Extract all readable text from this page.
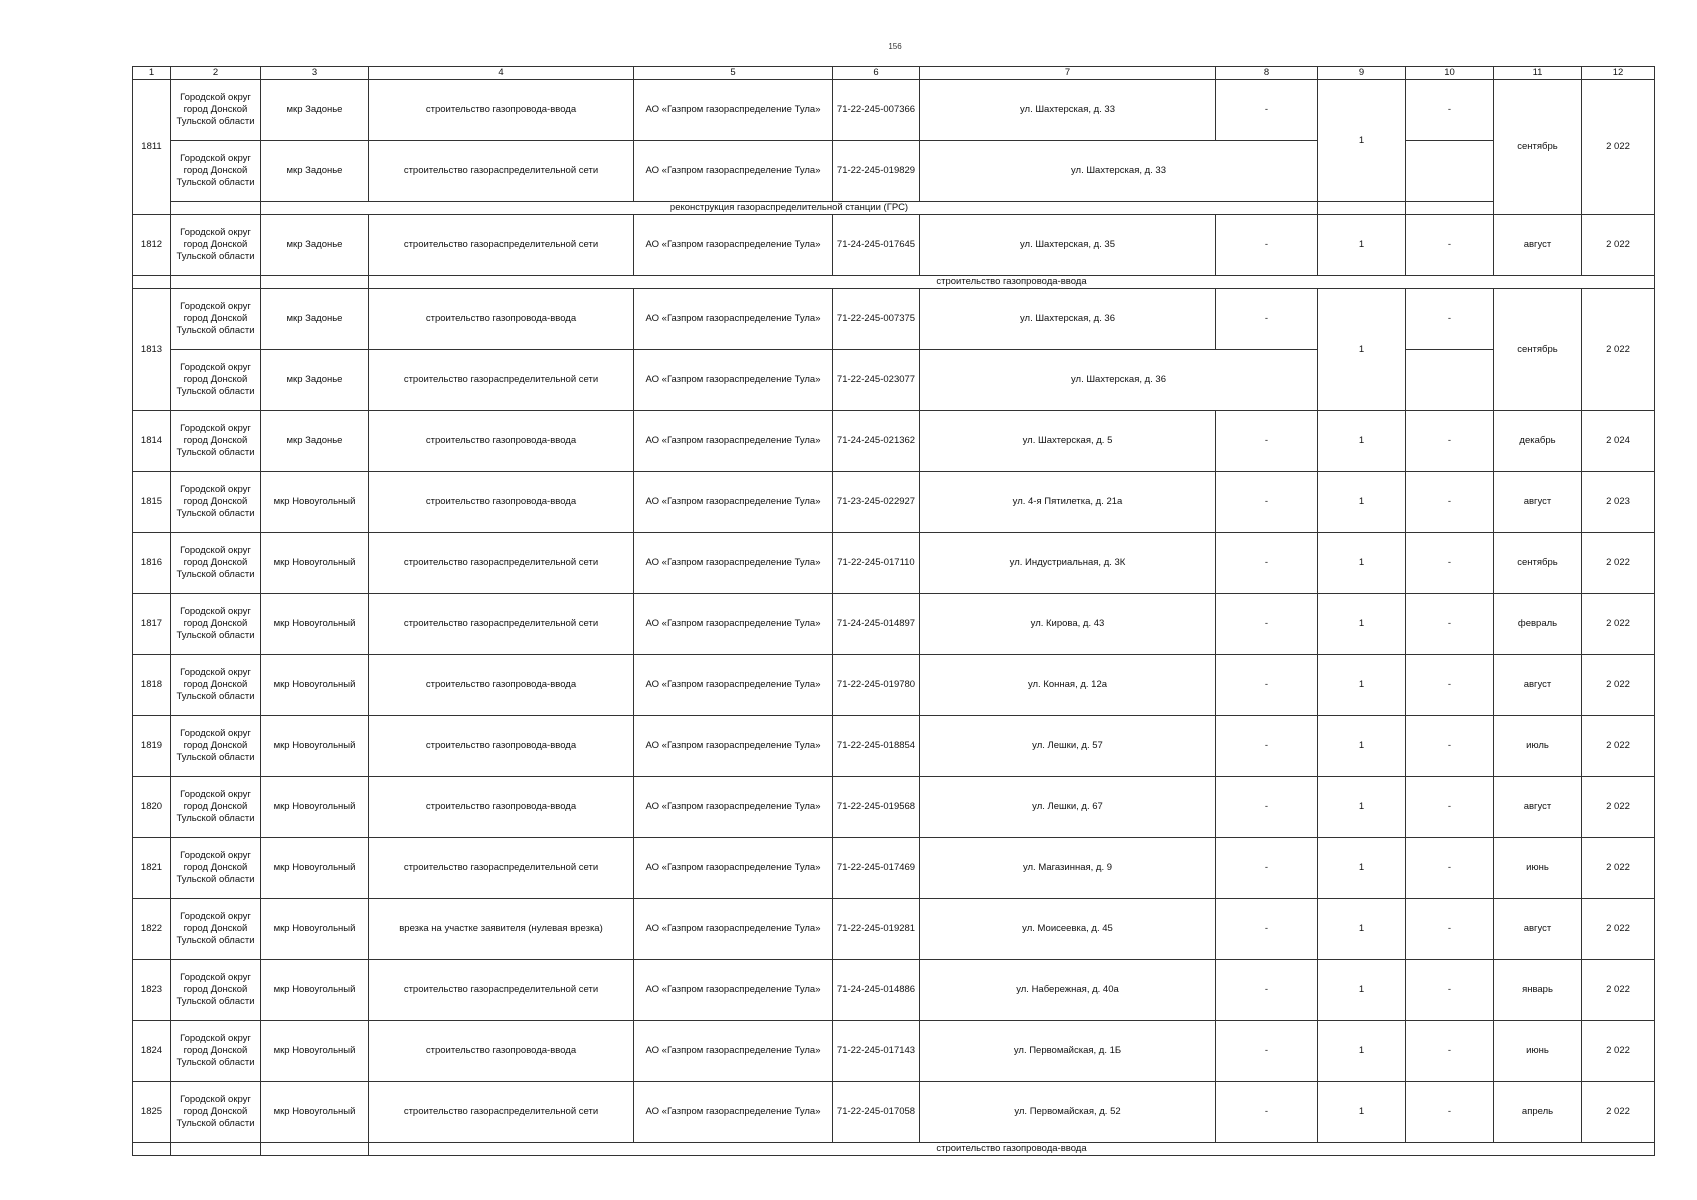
156
1	2	3	4	5	6	7	8	9	10	11	12
1811	Городской округ город Донской Тульской области	мкр Задонье	строительство газопровода-ввода	АО «Газпром газораспределение Тула»	71-22-245-007366	ул. Шахтерская, д. 33	-	1	-	сентябрь	2 022
	Городской округ город Донской Тульской области	мкр Задонье	строительство газораспределительной сети	АО «Газпром газораспределение Тула»	71-22-245-019829	ул. Шахтерская, д. 33					
		реконструкция газораспределительной станции (ГРС)									
1812	Городской округ город Донской Тульской области	мкр Задонье	строительство газораспределительной сети	АО «Газпром газораспределение Тула»	71-24-245-017645	ул. Шахтерская, д. 35	-	1	-	август	2 022
			строительство газопровода-ввода								
1813	Городской округ город Донской Тульской области	мкр Задонье	строительство газопровода-ввода	АО «Газпром газораспределение Тула»	71-22-245-007375	ул. Шахтерская, д. 36	-	1	-	сентябрь	2 022
	Городской округ город Донской Тульской области	мкр Задонье	строительство газораспределительной сети	АО «Газпром газораспределение Тула»	71-22-245-023077	ул. Шахтерская, д. 36					
1814	Городской округ город Донской Тульской области	мкр Задонье	строительство газопровода-ввода	АО «Газпром газораспределение Тула»	71-24-245-021362	ул. Шахтерская, д. 5	-	1	-	декабрь	2 024
1815	Городской округ город Донской Тульской области	мкр Новоугольный	строительство газопровода-ввода	АО «Газпром газораспределение Тула»	71-23-245-022927	ул. 4-я Пятилетка, д. 21а	-	1	-	август	2 023
1816	Городской округ город Донской Тульской области	мкр Новоугольный	строительство газораспределительной сети	АО «Газпром газораспределение Тула»	71-22-245-017110	ул. Индустриальная, д. 3К	-	1	-	сентябрь	2 022
1817	Городской округ город Донской Тульской области	мкр Новоугольный	строительство газораспределительной сети	АО «Газпром газораспределение Тула»	71-24-245-014897	ул. Кирова, д. 43	-	1	-	февраль	2 022
1818	Городской округ город Донской Тульской области	мкр Новоугольный	строительство газопровода-ввода	АО «Газпром газораспределение Тула»	71-22-245-019780	ул. Конная, д. 12а	-	1	-	август	2 022
1819	Городской округ город Донской Тульской области	мкр Новоугольный	строительство газопровода-ввода	АО «Газпром газораспределение Тула»	71-22-245-018854	ул. Лешки, д. 57	-	1	-	июль	2 022
1820	Городской округ город Донской Тульской области	мкр Новоугольный	строительство газопровода-ввода	АО «Газпром газораспределение Тула»	71-22-245-019568	ул. Лешки, д. 67	-	1	-	август	2 022
1821	Городской округ город Донской Тульской области	мкр Новоугольный	строительство газораспределительной сети	АО «Газпром газораспределение Тула»	71-22-245-017469	ул. Магазинная, д. 9	-	1	-	июнь	2 022
1822	Городской округ город Донской Тульской области	мкр Новоугольный	врезка на участке заявителя (нулевая врезка)	АО «Газпром газораспределение Тула»	71-22-245-019281	ул. Моисеевка, д. 45	-	1	-	август	2 022
1823	Городской округ город Донской Тульской области	мкр Новоугольный	строительство газораспределительной сети	АО «Газпром газораспределение Тула»	71-24-245-014886	ул. Набережная, д. 40а	-	1	-	январь	2 022
1824	Городской округ город Донской Тульской области	мкр Новоугольный	строительство газопровода-ввода	АО «Газпром газораспределение Тула»	71-22-245-017143	ул. Первомайская, д. 1Б	-	1	-	июнь	2 022
1825	Городской округ город Донской Тульской области	мкр Новоугольный	строительство газораспределительной сети	АО «Газпром газораспределение Тула»	71-22-245-017058	ул. Первомайская, д. 52	-	1	-	апрель	2 022
			строительство газопровода-ввода								
